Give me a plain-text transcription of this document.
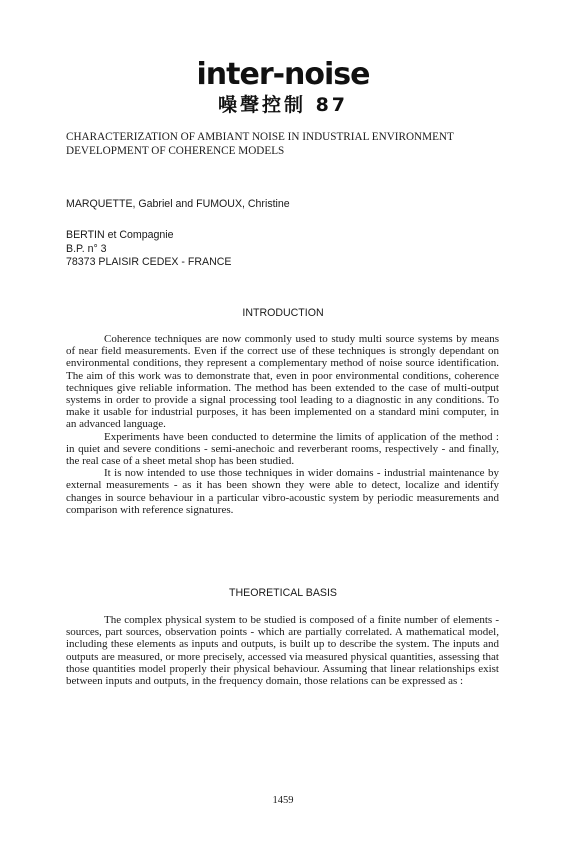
inter-noise
噪聲控制 87
CHARACTERIZATION OF AMBIANT NOISE IN INDUSTRIAL ENVIRONMENT
DEVELOPMENT OF COHERENCE MODELS
MARQUETTE, Gabriel and FUMOUX, Christine
BERTIN et Compagnie
B.P. n° 3
78373 PLAISIR CEDEX - FRANCE
INTRODUCTION

Coherence techniques are now commonly used to study multi source systems by means of near field measurements. Even if the correct use of these techniques is strongly dependant on environmental conditions, they represent a complementary method of noise source identification. The aim of this work was to demonstrate that, even in poor environmental conditions, coherence techniques give reliable information. The method has been extended to the case of multi-output systems in order to provide a signal processing tool leading to a diagnostic in any conditions. To make it usable for industrial purposes, it has been implemented on a standard mini computer, in an advanced language.

Experiments have been conducted to determine the limits of application of the method : in quiet and severe conditions - semi-anechoic and reverberant rooms, respectively - and finally, the real case of a sheet metal shop has been studied.

It is now intended to use those techniques in wider domains - industrial maintenance by external measurements - as it has been shown they were able to detect, localize and identify changes in source behaviour in a particular vibro-acoustic system by periodic measurements and comparison with reference signatures.

THEORETICAL BASIS

The complex physical system to be studied is composed of a finite number of elements - sources, part sources, observation points - which are partially correlated. A mathematical model, including these elements as inputs and outputs, is built up to describe the system. The inputs and outputs are measured, or more precisely, accessed via measured physical quantities, assessing that those quantities model properly their physical behaviour. Assuming that linear relationships exist between inputs and outputs, in the frequency domain, those relations can be expressed as :

1459
